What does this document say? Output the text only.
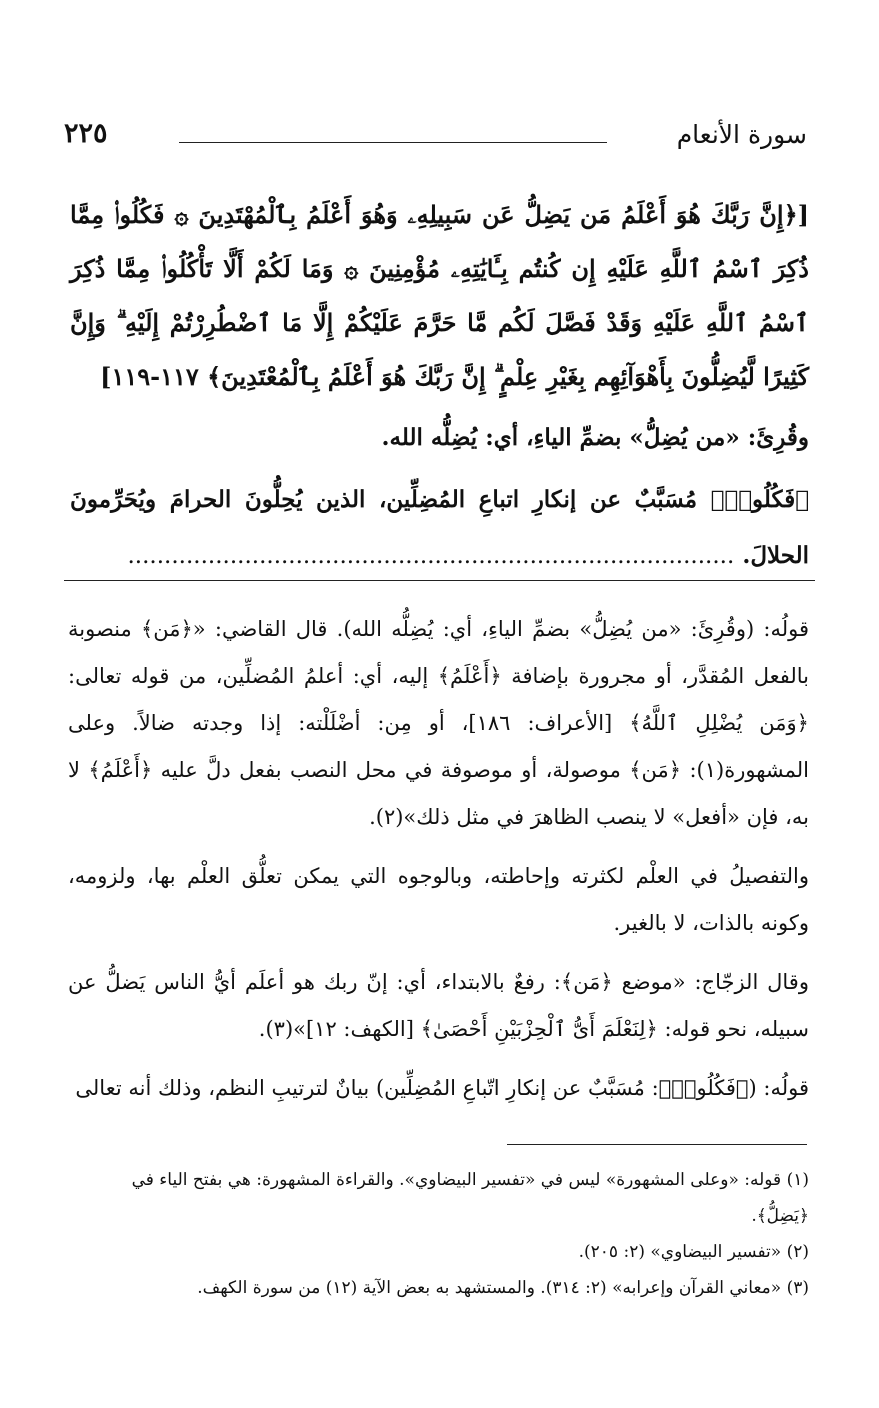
سورة الأنعام
٢٢٥
[﴿إِنَّ رَبَّكَ هُوَ أَعْلَمُ مَن يَضِلُّ عَن سَبِيلِهِۦ وَهُوَ أَعْلَمُ بِٱلْمُهْتَدِينَ ۞ فَكُلُوا۟ مِمَّا ذُكِرَ ٱسْمُ ٱللَّهِ عَلَيْهِ إِن كُنتُم بِـَٔايَٰتِهِۦ مُؤْمِنِينَ ۞ وَمَا لَكُمْ أَلَّا تَأْكُلُوا۟ مِمَّا ذُكِرَ ٱسْمُ ٱللَّهِ عَلَيْهِ وَقَدْ فَصَّلَ لَكُم مَّا حَرَّمَ عَلَيْكُمْ إِلَّا مَا ٱضْطُرِرْتُمْ إِلَيْهِ ۗ وَإِنَّ كَثِيرًا لَّيُضِلُّونَ بِأَهْوَآئِهِم بِغَيْرِ عِلْمٍ ۗ إِنَّ رَبَّكَ هُوَ أَعْلَمُ بِٱلْمُعْتَدِينَ﴾ ١١٧-١١٩]
وقُرِئَ: «من يُضِلُّ» بضمِّ الياءِ، أي: يُضِلُّه الله.
﴿فَكُلُوا۟﴾ مُسَبَّبٌ عن إنكارِ اتباعِ المُضِلِّين، الذين يُحِلُّونَ الحرامَ ويُحَرِّمونَ الحلالَ. ...................................................................................

قولُه: (وقُرِئَ: «من يُضِلُّ» بضمِّ الياءِ، أي: يُضِلُّه الله). قال القاضي: «﴿مَن﴾ منصوبة بالفعل المُقدَّر، أو مجرورة بإضافة ﴿أَعْلَمُ﴾ إليه، أي: أعلمُ المُضلِّين، من قوله تعالى: ﴿وَمَن يُضْلِلِ ٱللَّهُ﴾ [الأعراف: ١٨٦]، أو مِن: أضْلَلْته: إذا وجدته ضالاً. وعلى المشهورة(١): ﴿مَن﴾ موصولة، أو موصوفة في محل النصب بفعل دلَّ عليه ﴿أَعْلَمُ﴾ لا به، فإن «أفعل» لا ينصب الظاهرَ في مثل ذلك»(٢).

والتفصيلُ في العلْم لكثرته وإحاطته، وبالوجوه التي يمكن تعلُّق العلْم بها، ولزومه، وكونه بالذات، لا بالغير.

وقال الزجّاج: «موضع ﴿مَن﴾: رفعٌ بالابتداء، أي: إنّ ربك هو أعلَم أيُّ الناس يَضلُّ عن سبيله، نحو قوله: ﴿لِنَعْلَمَ أَىُّ ٱلْحِزْبَيْنِ أَحْصَىٰ﴾ [الكهف: ١٢]»(٣).

قولُه: (﴿فَكُلُوا۟﴾: مُسَبَّبٌ عن إنكارِ اتّباعِ المُضِلِّين) بيانٌ لترتيبِ النظم، وذلك أنه تعالى

(١) قوله: «وعلى المشهورة» ليس في «تفسير البيضاوي». والقراءة المشهورة: هي بفتح الياء في ﴿يَضِلُّ﴾.

(٢) «تفسير البيضاوي» (٢: ٢٠٥).

(٣) «معاني القرآن وإعرابه» (٢: ٣١٤). والمستشهد به بعض الآية (١٢) من سورة الكهف.
